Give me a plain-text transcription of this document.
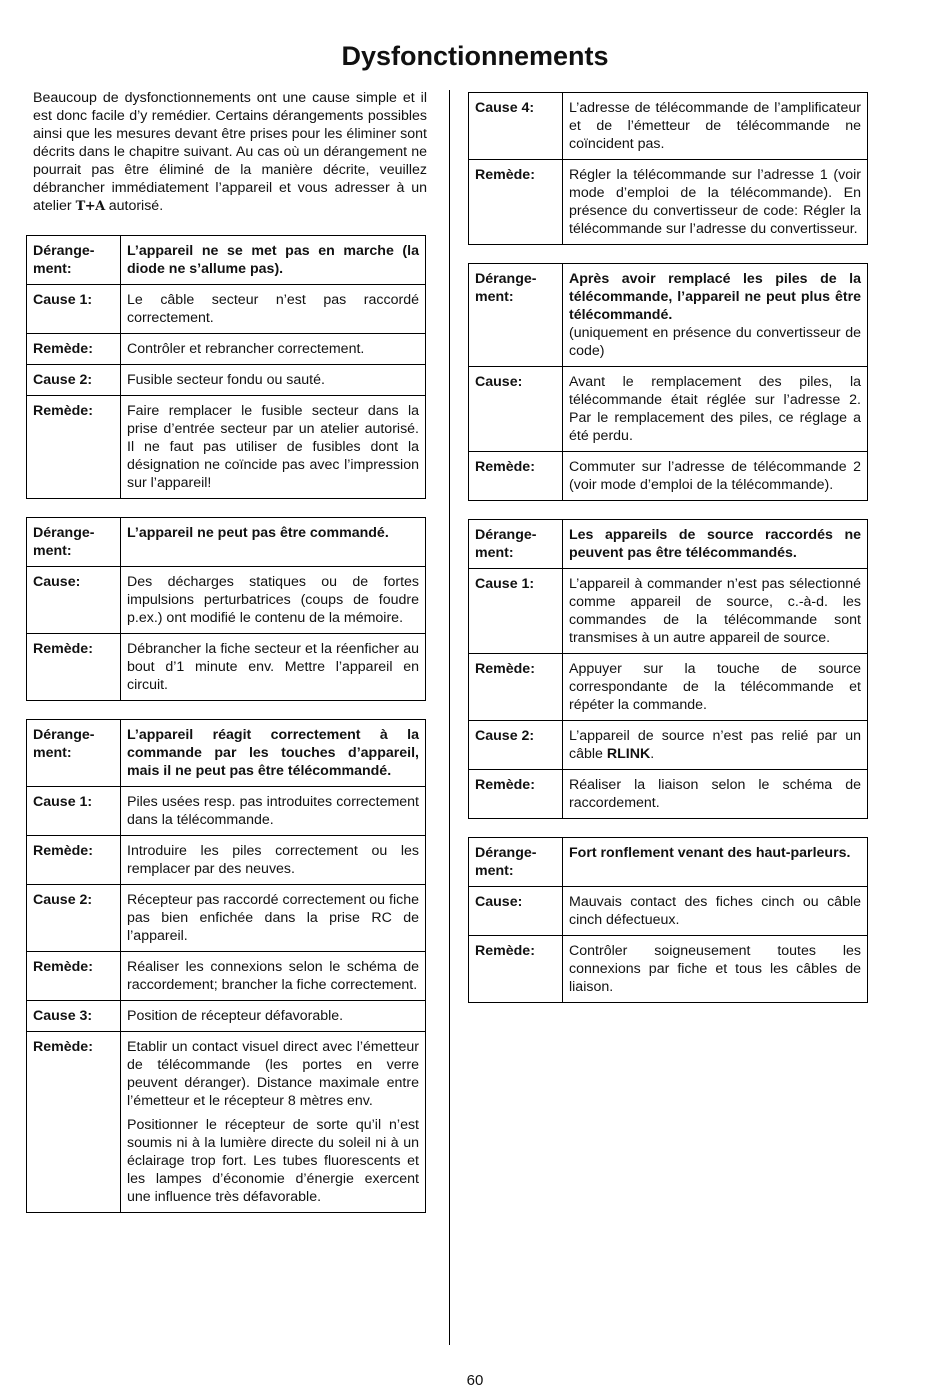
Dysfonctionnements

Beaucoup de dysfonctionnements ont une cause simple et il est donc facile d’y remédier. Certains dérangements possibles ainsi que les mesures devant être prises pour les éliminer sont décrits dans le chapitre suivant. Au cas où un dérangement ne pourrait pas être éliminé de la manière décrite, veuillez débrancher immédiatement l’appareil et vous adresser à un atelier T+A autorisé.

Dérange-ment:	L’appareil ne se met pas en marche (la diode ne s’allume pas).
Cause 1:	Le câble secteur n’est pas raccordé correctement.
Remède:	Contrôler et rebrancher correctement.
Cause 2:	Fusible secteur fondu ou sauté.
Remède:	Faire remplacer le fusible secteur dans la prise d’entrée secteur par un atelier autorisé. Il ne faut pas utiliser de fusibles dont la désignation ne coïncide pas avec l’impression sur l’appareil!
Dérange-ment:	L’appareil ne peut pas être commandé.
Cause:	Des décharges statiques ou de fortes impulsions perturbatrices (coups de foudre p.ex.) ont modifié le contenu de la mémoire.
Remède:	Débrancher la fiche secteur et la réenficher au bout d’1 minute env. Mettre l’appareil en circuit.
Dérange-ment:	L’appareil réagit correctement à la commande par les touches d’appareil, mais il ne peut pas être télécommandé.
Cause 1:	Piles usées resp. pas introduites correctement dans la télécommande.
Remède:	Introduire les piles correctement ou les remplacer par des neuves.
Cause 2:	Récepteur pas raccordé correctement ou fiche pas bien enfichée dans la prise RC de l’appareil.
Remède:	Réaliser les connexions selon le schéma de raccordement; brancher la fiche correctement.
Cause 3:	Position de récepteur défavorable.
Remède:	Etablir un contact visuel direct avec l’émetteur de télécommande (les portes en verre peuvent déranger). Distance maximale entre l’émetteur et le récepteur 8 mètres env.
Positionner le récepteur de sorte qu’il n’est soumis ni à la lumière directe du soleil ni à un éclairage trop fort. Les tubes fluorescents et les lampes d’économie d’énergie exercent une influence très défavorable.
Cause 4:	L’adresse de télécommande de l’amplificateur et de l’émetteur de télécommande ne coïncident pas.
Remède:	Régler la télécommande sur l’adresse 1 (voir mode d’emploi de la télécommande). En présence du convertisseur de code: Régler la télécommande sur l’adresse du convertisseur.
Dérange-ment:	Après avoir remplacé les piles de la télécommande, l’appareil ne peut plus être télécommandé.
(uniquement en présence du convertisseur de code)

Cause:	Avant le remplacement des piles, la télécommande était réglée sur l’adresse 2. Par le remplacement des piles, ce réglage a été perdu.
Remède:	Commuter sur l’adresse de télécommande 2 (voir mode d’emploi de la télécommande).
Dérange-ment:	Les appareils de source raccordés ne peuvent pas être télécommandés.
Cause 1:	L’appareil à commander n’est pas sélectionné comme appareil de source, c.-à-d. les commandes de la télécommande sont transmises à un autre appareil de source.
Remède:	Appuyer sur la touche de source correspondante de la télécommande et répéter la commande.
Cause 2:	L’appareil de source n’est pas relié par un câble RLINK.
Remède:	Réaliser la liaison selon le schéma de raccordement.
Dérange-ment:	Fort ronflement venant des haut-parleurs.
Cause:	Mauvais contact des fiches cinch ou câble cinch défectueux.
Remède:	Contrôler soigneusement toutes les connexions par fiche et tous les câbles de liaison.

60
